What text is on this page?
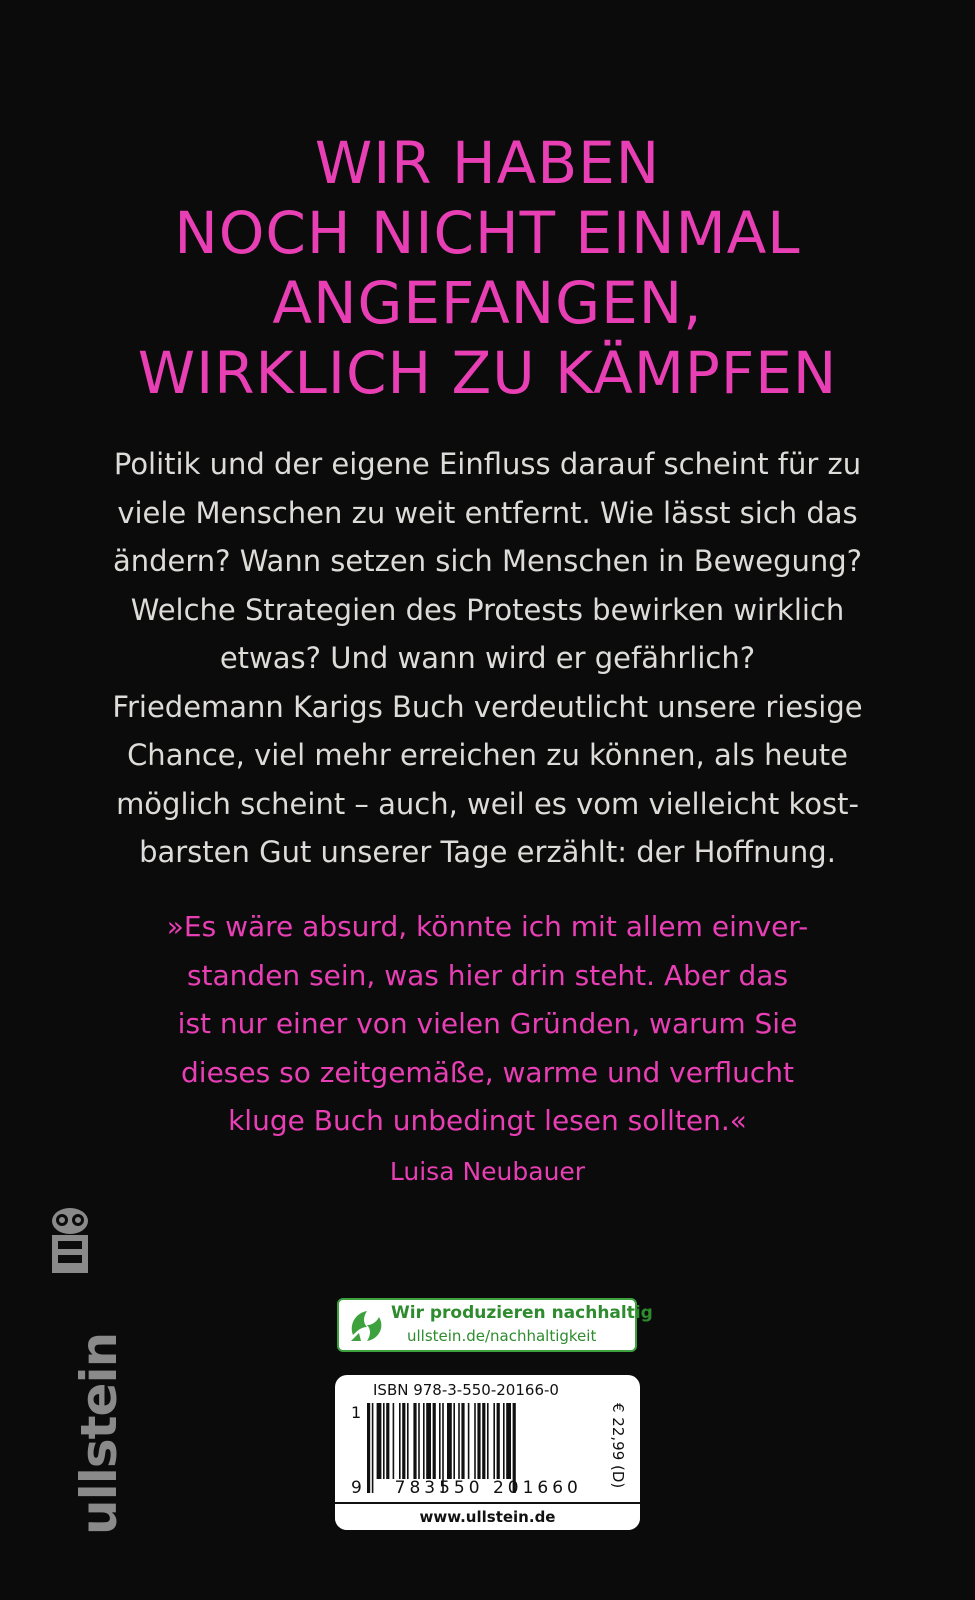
WIR HABEN
NOCH NICHT EINMAL
ANGEFANGEN,
WIRKLICH ZU KÄMPFEN
Politik und der eigene Einfluss darauf scheint für zu
viele Menschen zu weit entfernt. Wie lässt sich das
ändern? Wann setzen sich Menschen in Bewegung?
Welche Strategien des Protests bewirken wirklich
etwas? Und wann wird er gefährlich?
Friedemann Karigs Buch verdeutlicht unsere riesige
Chance, viel mehr erreichen zu können, als heute
möglich scheint – auch, weil es vom vielleicht kost-
barsten Gut unserer Tage erzählt: der Hoffnung.
»Es wäre absurd, könnte ich mit allem einver-
standen sein, was hier drin steht. Aber das
ist nur einer von vielen Gründen, warum Sie
dieses so zeitgemäße, warme und verflucht
kluge Buch unbedingt lesen sollten.«
Luisa Neubauer
ullstein
Wir produzieren nachhaltig
ullstein.de/nachhaltigkeit
ISBN 978-3-550-20166-0
1
9 783550 201660 € 22,99 (D)
www.ullstein.de
